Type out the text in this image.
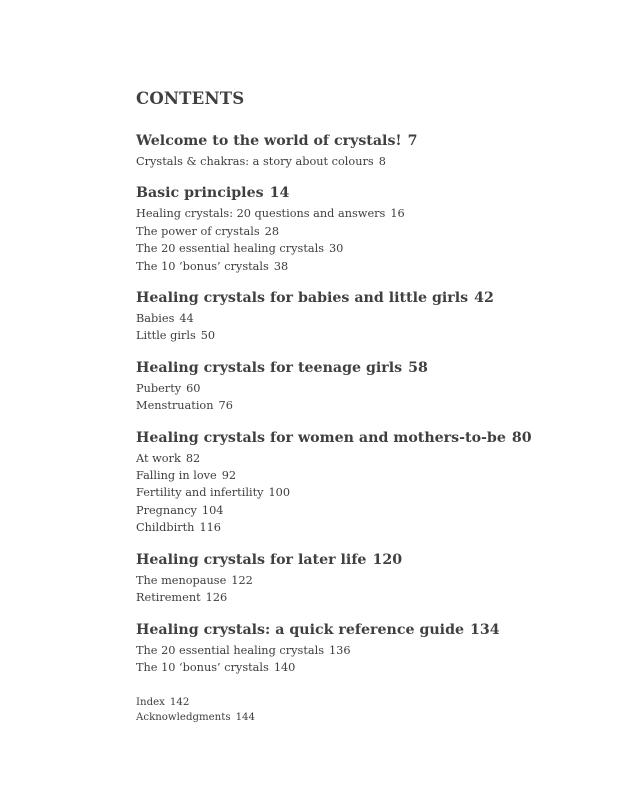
CONTENTS
Welcome to the world of crystals! 7
Crystals & chakras: a story about colours 8
Basic principles 14
Healing crystals: 20 questions and answers 16
The power of crystals 28
The 20 essential healing crystals 30
The 10 ‘bonus’ crystals 38
Healing crystals for babies and little girls 42
Babies 44
Little girls 50
Healing crystals for teenage girls 58
Puberty 60
Menstruation 76
Healing crystals for women and mothers-to-be 80
At work 82
Falling in love 92
Fertility and infertility 100
Pregnancy 104
Childbirth 116
Healing crystals for later life 120
The menopause 122
Retirement 126
Healing crystals: a quick reference guide 134
The 20 essential healing crystals 136
The 10 ‘bonus’ crystals 140
Index 142
Acknowledgments 144
